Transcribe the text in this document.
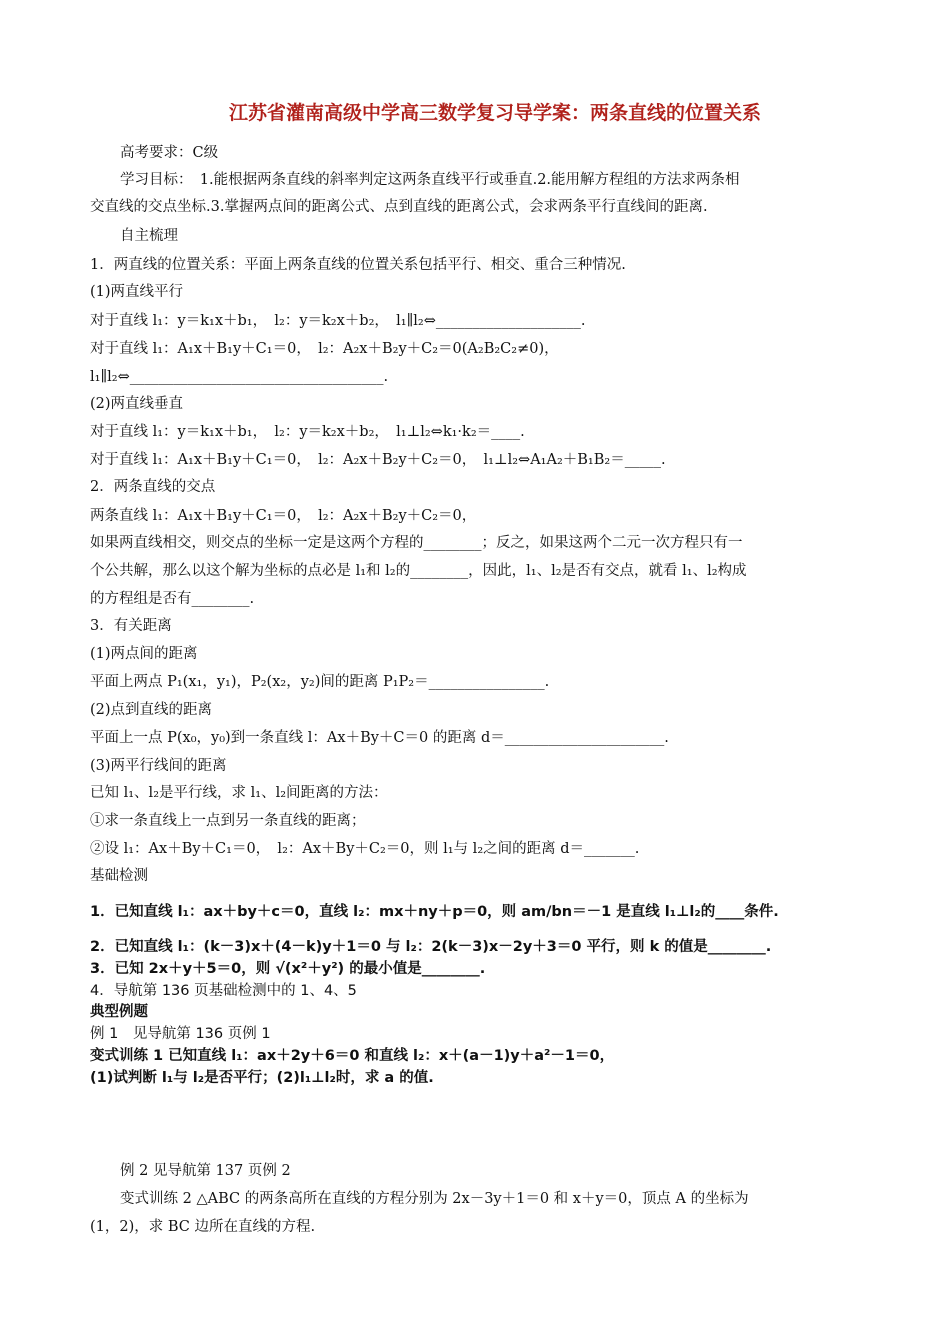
江苏省灌南高级中学高三数学复习导学案：两条直线的位置关系
高考要求：C级
学习目标：　1.能根据两条直线的斜率判定这两条直线平行或垂直.2.能用解方程组的方法求两条相
交直线的交点坐标.3.掌握两点间的距离公式、点到直线的距离公式，会求两条平行直线间的距离.
自主梳理
1．两直线的位置关系：平面上两条直线的位置关系包括平行、相交、重合三种情况.
(1)两直线平行
对于直线 l₁：y＝k₁x＋b₁，　l₂：y＝k₂x＋b₂，　l₁∥l₂⇔____________________.
对于直线 l₁：A₁x＋B₁y＋C₁＝0，　l₂：A₂x＋B₂y＋C₂＝0(A₂B₂C₂≠0)，
l₁∥l₂⇔___________________________________.
(2)两直线垂直
对于直线 l₁：y＝k₁x＋b₁，　l₂：y＝k₂x＋b₂，　l₁⊥l₂⇔k₁·k₂＝____.
对于直线 l₁：A₁x＋B₁y＋C₁＝0，　l₂：A₂x＋B₂y＋C₂＝0，　l₁⊥l₂⇔A₁A₂＋B₁B₂＝_____.
2．两条直线的交点
两条直线 l₁：A₁x＋B₁y＋C₁＝0，　l₂：A₂x＋B₂y＋C₂＝0，
如果两直线相交，则交点的坐标一定是这两个方程的________；反之，如果这两个二元一次方程只有一
个公共解，那么以这个解为坐标的点必是 l₁和 l₂的________，因此，l₁、l₂是否有交点，就看 l₁、l₂构成
的方程组是否有________.
3．有关距离
(1)两点间的距离
平面上两点 P₁(x₁，y₁)，P₂(x₂，y₂)间的距离 P₁P₂＝________________.
(2)点到直线的距离
平面上一点 P(x₀，y₀)到一条直线 l：Ax＋By＋C＝0 的距离 d＝______________________.
(3)两平行线间的距离
已知 l₁、l₂是平行线，求 l₁、l₂间距离的方法：
①求一条直线上一点到另一条直线的距离；
②设 l₁：Ax＋By＋C₁＝0，　l₂：Ax＋By＋C₂＝0，则 l₁与 l₂之间的距离 d＝_______.
基础检测
1．已知直线 l₁：ax＋by＋c＝0，直线 l₂：mx＋ny＋p＝0，则 am/bn＝－1 是直线 l₁⊥l₂的____条件.
2．已知直线 l₁：(k－3)x＋(4－k)y＋1＝0 与 l₂：2(k－3)x－2y＋3＝0 平行，则 k 的值是________.
3．已知 2x＋y＋5＝0，则 √(x²＋y²) 的最小值是________.
4．导航第 136 页基础检测中的 1、4、5
典型例题
例 1　见导航第 136 页例 1
变式训练 1 已知直线 l₁：ax＋2y＋6＝0 和直线 l₂：x＋(a－1)y＋a²－1＝0，
(1)试判断 l₁与 l₂是否平行；(2)l₁⊥l₂时，求 a 的值.
例 2 见导航第 137 页例 2
变式训练 2 △ABC 的两条高所在直线的方程分别为 2x－3y＋1＝0 和 x＋y＝0，顶点 A 的坐标为
(1，2)，求 BC 边所在直线的方程.
